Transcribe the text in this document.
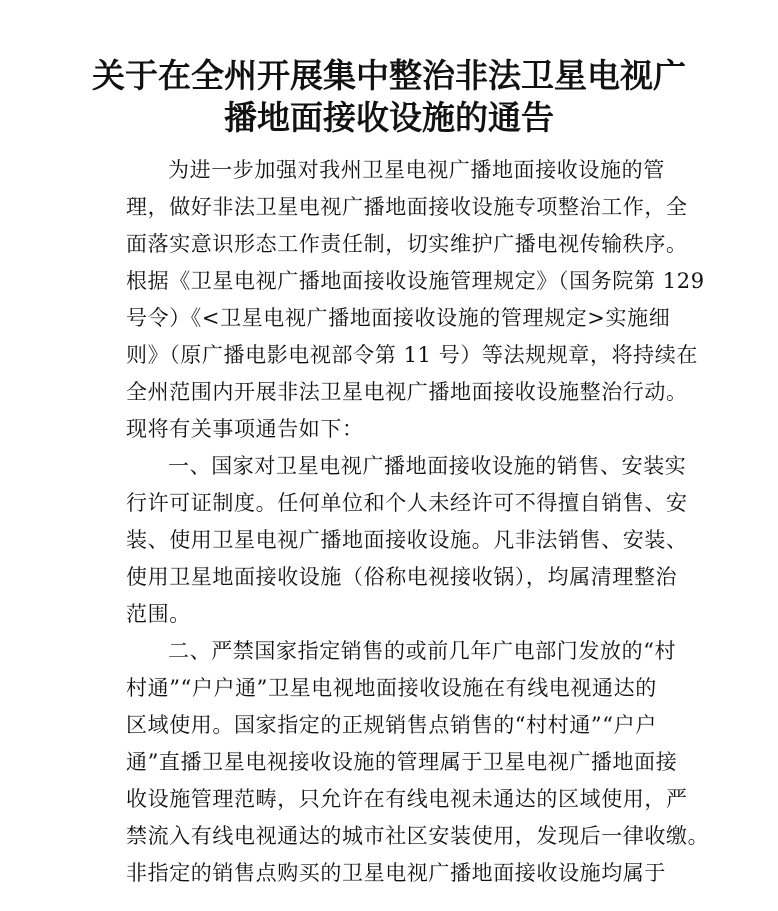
关于在全州开展集中整治非法卫星电视广
播地面接收设施的通告
为进一步加强对我州卫星电视广播地面接收设施的管
理，做好非法卫星电视广播地面接收设施专项整治工作，全
面落实意识形态工作责任制，切实维护广播电视传输秩序。
根据《卫星电视广播地面接收设施管理规定》（国务院第 129
号令）《<卫星电视广播地面接收设施的管理规定>实施细
则》（原广播电影电视部令第 11 号）等法规规章，将持续在
全州范围内开展非法卫星电视广播地面接收设施整治行动。
现将有关事项通告如下：
一、国家对卫星电视广播地面接收设施的销售、安装实
行许可证制度。任何单位和个人未经许可不得擅自销售、安
装、使用卫星电视广播地面接收设施。凡非法销售、安装、
使用卫星地面接收设施（俗称电视接收锅），均属清理整治
范围。
二、严禁国家指定销售的或前几年广电部门发放的“村
村通”“户户通”卫星电视地面接收设施在有线电视通达的
区域使用。国家指定的正规销售点销售的“村村通”“户户
通”直播卫星电视接收设施的管理属于卫星电视广播地面接
收设施管理范畴，只允许在有线电视未通达的区域使用，严
禁流入有线电视通达的城市社区安装使用，发现后一律收缴。
非指定的销售点购买的卫星电视广播地面接收设施均属于
